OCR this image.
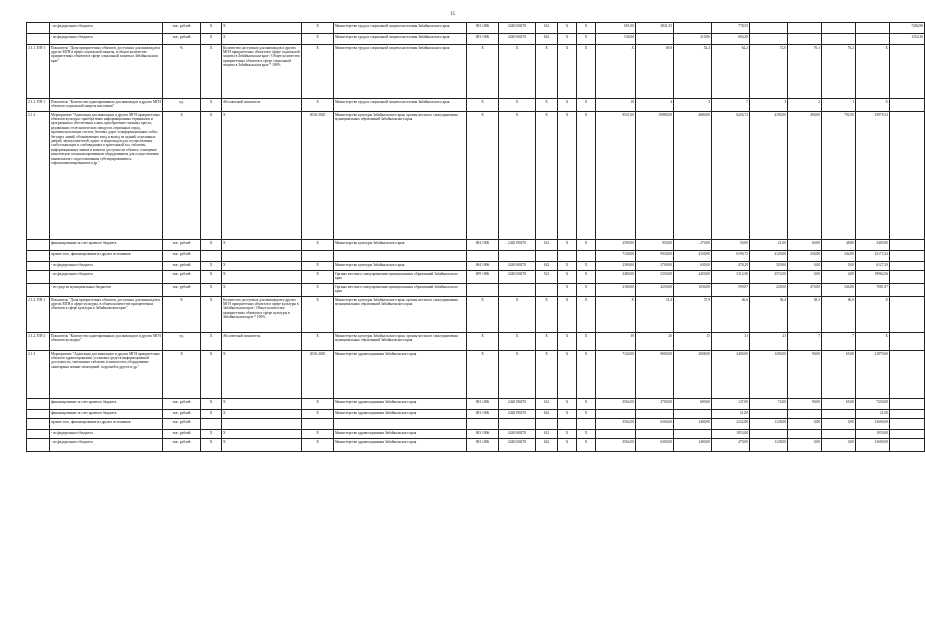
15
	- из федерального бюджета	тыс. рублей	X	X	X	Министерство труда и социальной защиты населения Забайкальского края	003 1006	24201S0270	612	X	X	691,00	3841,35		778,55					7284,98
	- из федерального бюджета	тыс. рублей	X	X	X	Министерство труда и социальной защиты населения Забайкальского края	003 1006	24201S0270	622	X	X	540,00		210,00	604,30					1354,30
2.1.1. ПП-1	Показатель "Доля приоритетных объектов, доступных для инвалидов и других МГН в сфере социальной защиты, в общем количестве приоритетных объектов в сфере социальной защиты в Забайкальском крае"	%	X	Количество доступных для инвалидов и других МГН приоритетных объектов в сфере социальной защиты в Забайкальском крае / Общее количество приоритетных объектов в сфере социальной защиты в Забайкальском крае * 100%	X	Министерство труда и социальной защиты населения Забайкальского края	X	X	X	X	X	X	49,0	52,4	62,2	72,0	76,1	76,2	X	
2.1.1. ПП-1	Показатель "Количество адаптированных для инвалидов и других МГН объектов социальной защиты населения"	ед.	X	Абсолютный показатель	X	Министерство труда и социальной защиты населения Забайкальского края	X	X	X	X	X	10	4	3	7	3	2	1	X	
2.1.2	Мероприятие "Адаптация для инвалидов и других МГН приоритетных объектов культуры: приобретение информационных терминалов и программного обеспечения к ним, приобретение сменных кресел, раздвижных телескопических пандусов, перильных оград, противоскользящих систем, беговых дорог и информационных табло, бегущих линий, обозначающих вход и выход из зданий, отделанных дверей, звукоусилителей, аудио- и видеогидов для осуществления слабослышащих и слабовидящих в зрительный зал, табличек, информационных знаков и макетов доступности объекта; оснащение кинотеатров специализированным оборудованием для осуществления кинопоказов с подготовленным субтитрированием и тифлокомментированием и др."	X	X	X	2016-2020	Министерство культуры Забайкальского края, органы местного самоуправления муниципальных образований Забайкальского края	X	X	X	X	X	9521,00	10880,00	4680,00	6226,72	4190,00	490,00	792,50	35979,32	
	финансирование за счет краевого бюджета	тыс. рублей	X	X	X	Министерство культуры Забайкальского края	004 1006	2420190270	612	X	X	2590,00	950,00	270,00	50,00	21,00	60,00	48,80	3405,80	
	прочие того, финансирование из других источников	тыс. рублей										7140,00	9930,00	4150,00	6190,72	4129,00	430,00	344,00	32173,32	
	- из федерального бюджета	тыс. рублей	X	X	X	Министерство культуры Забайкальского края	004 1006	24201S0270	622	X	X	2390,00	2700,00	630,00	478,29	329,00	0,00	0,00	6127,29	
	- из федерального бюджета	тыс. рублей	X	X	X	Органы местного самоуправления муниципальных образований Забайкальского края	009 1006	24201S0270	521	X	X	2480,00	5250,00	2450,00	5112,56	2572,00	0,00	4,00	18964,56	
	- из средств муниципальных бюджетов	тыс. рублей	X	X	X	Органы местного самоуправления муниципальных образований Забайкальского края				X	X	2180,00	2250,00	1030,00	599,87	228,00	470,00	344,00	7081,87	
2.1.2. ПП-1	Показатель "Доля приоритетных объектов, доступных для инвалидов и других МГН в сфере культуры, в общем количестве приоритетных объектов в сфере культуры в Забайкальском крае"	%	X	Количество доступных для инвалидов и других МГН приоритетных объектов в сфере культуры в Забайкальском крае / Общее количество приоритетных объектов в сфере культуры в Забайкальском крае * 100%	X	Министерство культуры Забайкальского края, органы местного самоуправления муниципальных образований Забайкальского края	X	X	X	X	X	X	31,4	37,9	46,6	56,4	58,3	60,0	X	
2.1.2. ПП-2	Показатель "Количество адаптированных для инвалидов и других МГН объектов культуры"	ед.	X	Абсолютный показатель	X	Министерство культуры Забайкальского края, органы местного самоуправления муниципальных образований Забайкальского края	X	X	X	X	X	38	26	15	31	23	7	7	X	
2.1.3	Мероприятие "Адаптация для инвалидов и других МГН приоритетных объектов здравоохранения: установка средств информационной доступности, тактильных табличек и мнемосхем, оборудование санитарных комнат помещений, поручней и другое и др."	X	X	X	2016-2020	Министерство здравоохранения Забайкальского края	X	X	X	X	X	7124,00	9000,00	2008,00	2400,00	1200,00	90,00	65,00	21879,00	
	финансирование за счет краевого бюджета	тыс. рублей	X	X	X	Министерство здравоохранения Забайкальского края	003 1006	2420190270	612	X	X	3562,00	2700,00	609,00	147,00	72,00	90,00	65,00	7250,00	
	финансирование за счет краевого бюджета	тыс. рублей	X	X	X	Министерство здравоохранения Забайкальского края	003 1006	2420190270	622	X	X				21,00				21,00	
	прочие того, финансирование из других источников	тыс. рублей										3562,00	6300,00	1400,00	2232,00	1128,00	0,00	0,00	13669,00	
	- из федерального бюджета	тыс. рублей	X	X	X	Министерство здравоохранения Забайкальского края	003 1006	24201S0270	612	X	X				1953,00				1953,00	
	- из федерального бюджета	тыс. рублей	X	X	X	Министерство здравоохранения Забайкальского края	003 1006	24201S0270	622	X	X	3562,00	6300,00	1400,00	279,00	1128,00	0,00	0,00	13669,00	
